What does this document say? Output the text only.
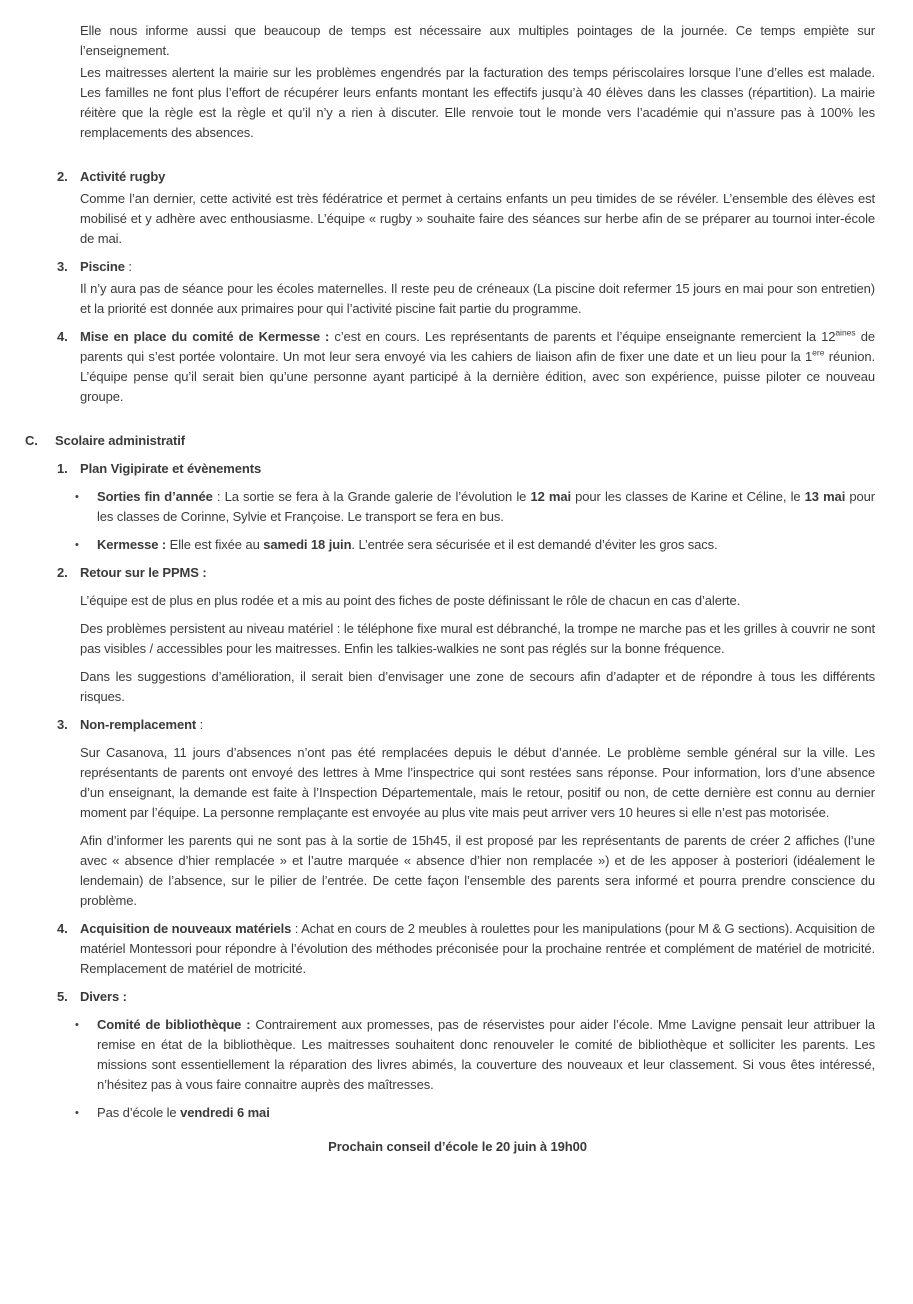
Elle nous informe aussi que beaucoup de temps est nécessaire aux multiples pointages de la journée. Ce temps empiète sur l’enseignement.
Les maitresses alertent la mairie sur les problèmes engendrés par la facturation des temps périscolaires lorsque l’une d’elles est malade. Les familles ne font plus l’effort de récupérer leurs enfants montant les effectifs jusqu’à 40 élèves dans les classes (répartition). La mairie réitère que la règle est la règle et qu’il n’y a rien à discuter. Elle renvoie tout le monde vers l’académie qui n’assure pas à 100% les remplacements des absences.
2. Activité rugby
Comme l’an dernier, cette activité est très fédératrice et permet à certains enfants un peu timides de se révéler. L’ensemble des élèves est mobilisé et y adhère avec enthousiasme. L’équipe « rugby » souhaite faire des séances sur herbe afin de se préparer au tournoi inter-école de mai.
3. Piscine :
Il n’y aura pas de séance pour les écoles maternelles. Il reste peu de créneaux (La piscine doit refermer 15 jours en mai pour son entretien) et la priorité est donnée aux primaires pour qui l’activité piscine fait partie du programme.
4. Mise en place du comité de Kermesse : c’est en cours. Les représentants de parents et l’équipe enseignante remercient la $12^{aines}$ de parents qui s’est portée volontaire. Un mot leur sera envoyé via les cahiers de liaison afin de fixer une date et un lieu pour la 1ere réunion. L’équipe pense qu’il serait bien qu’une personne ayant participé à la dernière édition, avec son expérience, puisse piloter ce nouveau groupe.
C.	Scolaire administratif
1. Plan Vigipirate et évènements
•	Sorties fin d’année : La sortie se fera à la Grande galerie de l’évolution le 12 mai pour les classes de Karine et Céline, le 13 mai pour les classes de Corinne, Sylvie et Françoise. Le transport se fera en bus.
•	Kermesse : Elle est fixée au samedi 18 juin. L’entrée sera sécurisée et il est demandé d’éviter les gros sacs.
2. Retour sur le PPMS :
L’équipe est de plus en plus rodée et a mis au point des fiches de poste définissant le rôle de chacun en cas d’alerte.
Des problèmes persistent au niveau matériel : le téléphone fixe mural est débranché, la trompe ne marche pas et les grilles à couvrir ne sont pas visibles / accessibles pour les maitresses. Enfin les talkies-walkies ne sont pas réglés sur la bonne fréquence.
Dans les suggestions d’amélioration, il serait bien d’envisager une zone de secours afin d’adapter et de répondre à tous les différents risques.
3. Non-remplacement :
Sur Casanova, 11 jours d’absences n’ont pas été remplacées depuis le début d’année. Le problème semble général sur la ville. Les représentants de parents ont envoyé des lettres à Mme l’inspectrice qui sont restées sans réponse. Pour information, lors d’une absence d’un enseignant, la demande est faite à l’Inspection Départementale, mais le retour, positif ou non, de cette dernière est connu au dernier moment par l’équipe. La personne remplaçante est envoyée au plus vite mais peut arriver vers 10 heures si elle n’est pas motorisée.
Afin d’informer les parents qui ne sont pas à la sortie de 15h45, il est proposé par les représentants de parents de créer 2 affiches (l’une avec « absence d’hier remplacée » et l’autre marquée « absence d’hier non remplacée ») et de les apposer à posteriori (idéalement le lendemain) de l’absence, sur le pilier de l’entrée. De cette façon l’ensemble des parents sera informé et pourra prendre conscience du problème.
4. Acquisition de nouveaux matériels : Achat en cours de 2 meubles à roulettes pour les manipulations (pour M & G sections). Acquisition de matériel Montessori pour répondre à l’évolution des méthodes préconisée pour la prochaine rentrée et complément de matériel de motricité. Remplacement de matériel de motricité.
5. Divers :
•	Comité de bibliothèque : Contrairement aux promesses, pas de réservistes pour aider l’école. Mme Lavigne pensait leur attribuer la remise en état de la bibliothèque. Les maitresses souhaitent donc renouveler le comité de bibliothèque et solliciter les parents. Les missions sont essentiellement la réparation des livres abimés, la couverture des nouveaux et leur classement. Si vous êtes intéressé, n’hésitez pas à vous faire connaitre auprès des maîtresses.
•	Pas d’école le vendredi 6 mai
Prochain conseil d’école le 20 juin à 19h00
